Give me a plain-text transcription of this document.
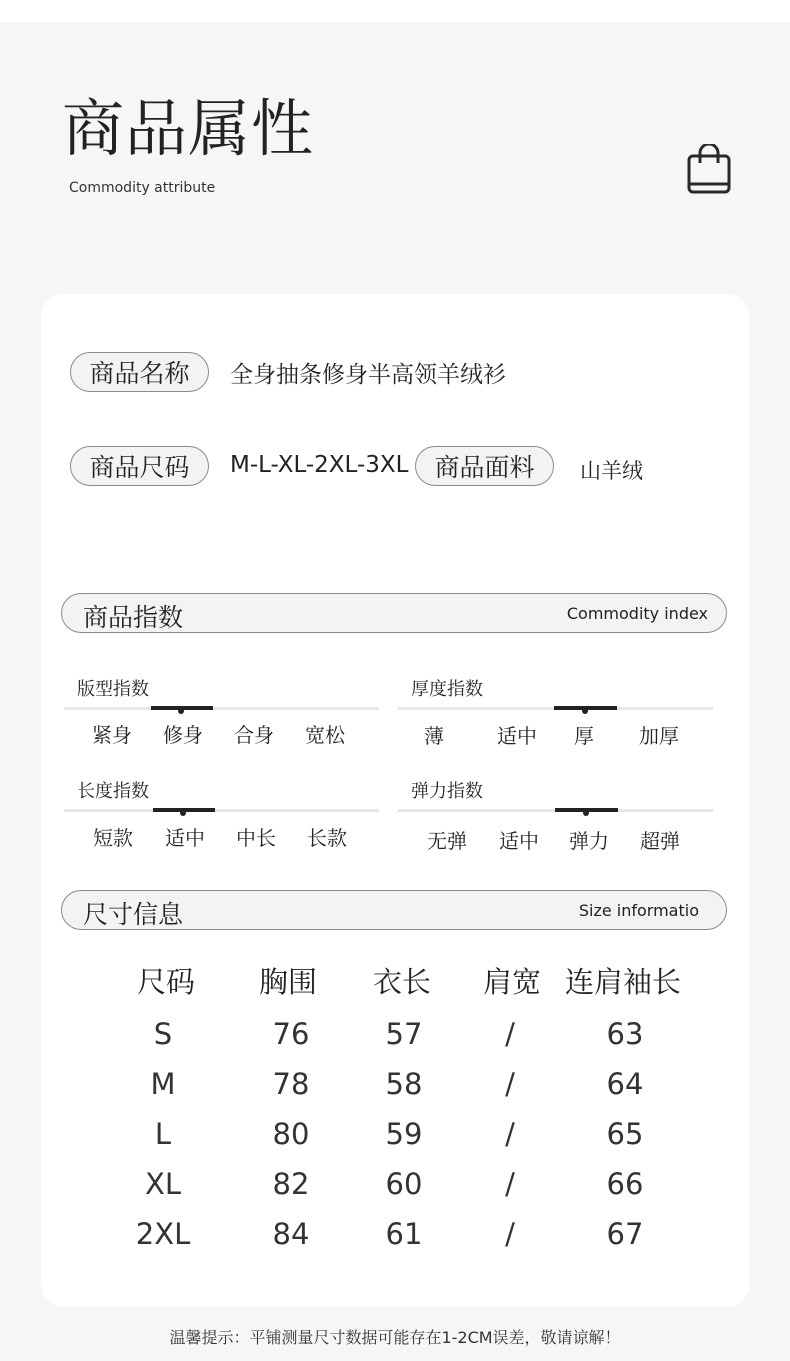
商品属性
Commodity attribute
商品名称	全身抽条修身半高领羊绒衫
商品尺码	M-L-XL-2XL-3XL	商品面料	山羊绒
商品指数	Commodity index
版型指数
紧身	修身	合身	宽松
厚度指数
薄	适中	厚	加厚
长度指数
短款	适中	中长	长款
弹力指数
无弹	适中	弹力	超弹
尺寸信息	Size informatio
尺码	胸围	衣长	肩宽 连肩袖长
S	76	57	/	63
M	78	58	/	64
L	80	59	/	65
XL	82	60	/	66
2XL	84	61	/	67
温馨提示：平铺测量尺寸数据可能存在1-2CM误差，敬请谅解！
